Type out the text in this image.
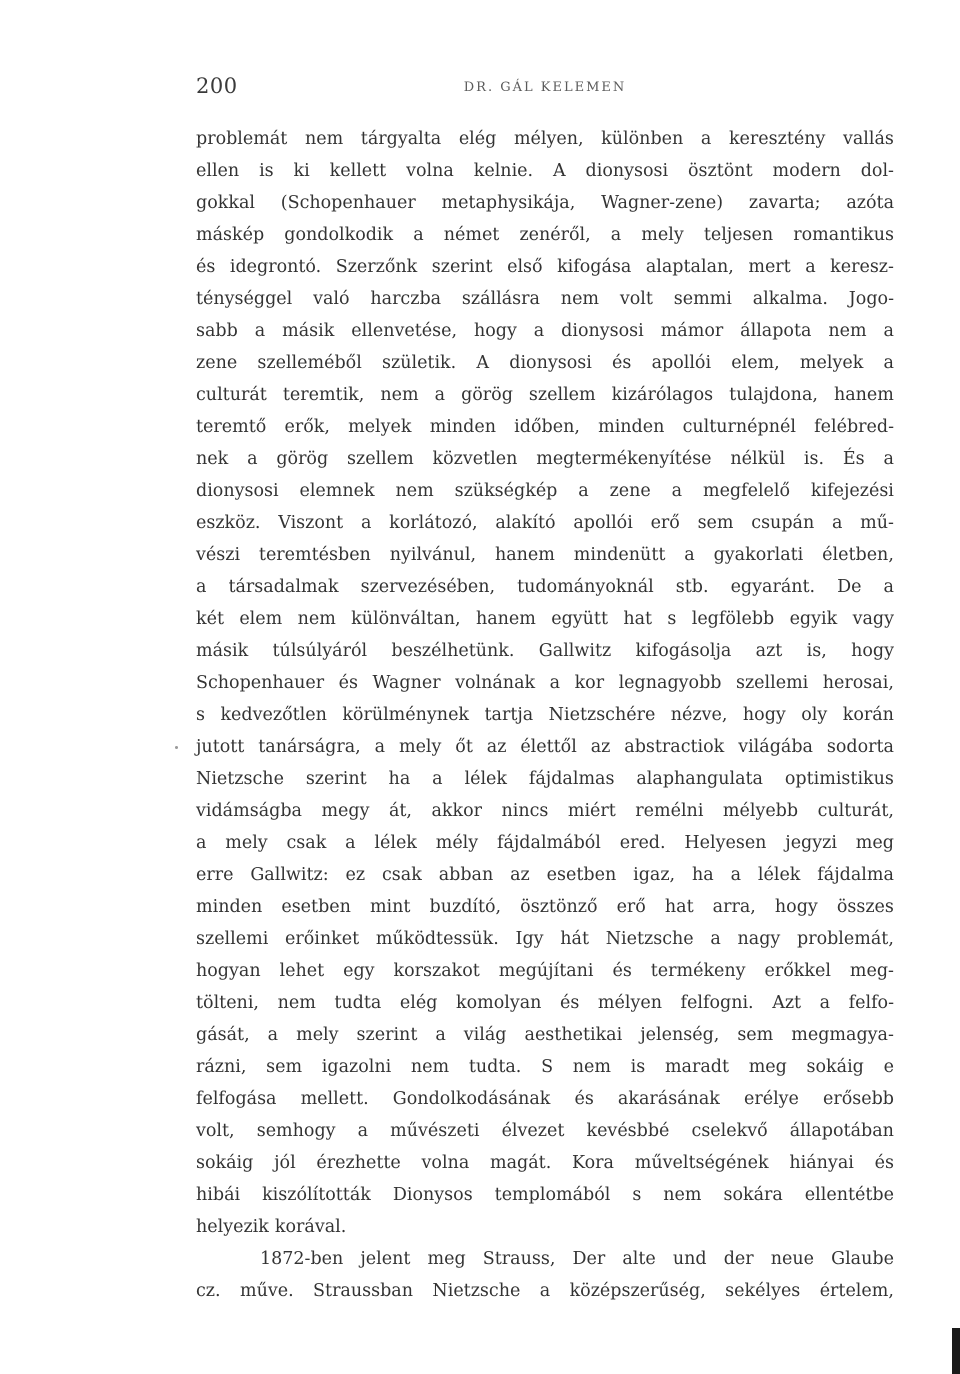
200	DR. GÁL KELEMEN
problemát nem tárgyalta elég mélyen, különben a keresztény vallás
ellen is ki kellett volna kelnie. A dionysosi ösztönt modern dol-
gokkal (Schopenhauer metaphysikája, Wagner-zene) zavarta; azóta
máskép gondolkodik a német zenéről, a mely teljesen romantikus
és idegrontó. Szerzőnk szerint első kifogása alaptalan, mert a keresz-
ténységgel való harczba szállásra nem volt semmi alkalma. Jogo-
sabb a másik ellenvetése, hogy a dionysosi mámor állapota nem a
zene szelleméből születik. A dionysosi és apollói elem, melyek a
culturát teremtik, nem a görög szellem kizárólagos tulajdona, hanem
teremtő erők, melyek minden időben, minden culturnépnél felébred-
nek a görög szellem közvetlen megtermékenyítése nélkül is. És a
dionysosi elemnek nem szükségkép a zene a megfelelő kifejezési
eszköz. Viszont a korlátozó, alakító apollói erő sem csupán a mű-
vészi teremtésben nyilvánul, hanem mindenütt a gyakorlati életben,
a társadalmak szervezésében, tudományoknál stb. egyaránt. De a
két elem nem különváltan, hanem együtt hat s legfölebb egyik vagy
másik túlsúlyáról beszélhetünk. Gallwitz kifogásolja azt is, hogy
Schopenhauer és Wagner volnának a kor legnagyobb szellemi herosai,
s kedvezőtlen körülménynek tartja Nietzschére nézve, hogy oly korán
jutott tanárságra, a mely őt az élettől az abstractiok világába sodorta
Nietzsche szerint ha a lélek fájdalmas alaphangulata optimistikus
vidámságba megy át, akkor nincs miért remélni mélyebb culturát,
a mely csak a lélek mély fájdalmából ered. Helyesen jegyzi meg
erre Gallwitz: ez csak abban az esetben igaz, ha a lélek fájdalma
minden esetben mint buzdító, ösztönző erő hat arra, hogy összes
szellemi erőinket működtessük. Igy hát Nietzsche a nagy problemát,
hogyan lehet egy korszakot megújítani és termékeny erőkkel meg-
tölteni, nem tudta elég komolyan és mélyen felfogni. Azt a felfo-
gását, a mely szerint a világ aesthetikai jelenség, sem megmagya-
rázni, sem igazolni nem tudta. S nem is maradt meg sokáig e
felfogása mellett. Gondolkodásának és akarásának erélye erősebb
volt, semhogy a művészeti élvezet kevésbbé cselekvő állapotában
sokáig jól érezhette volna magát. Kora műveltségének hiányai és
hibái kiszólították Dionysos templomából s nem sokára ellentétbe
helyezik korával.
1872-ben jelent meg Strauss, Der alte und der neue Glaube
cz. műve. Straussban Nietzsche a középszerűség, sekélyes értelem,
